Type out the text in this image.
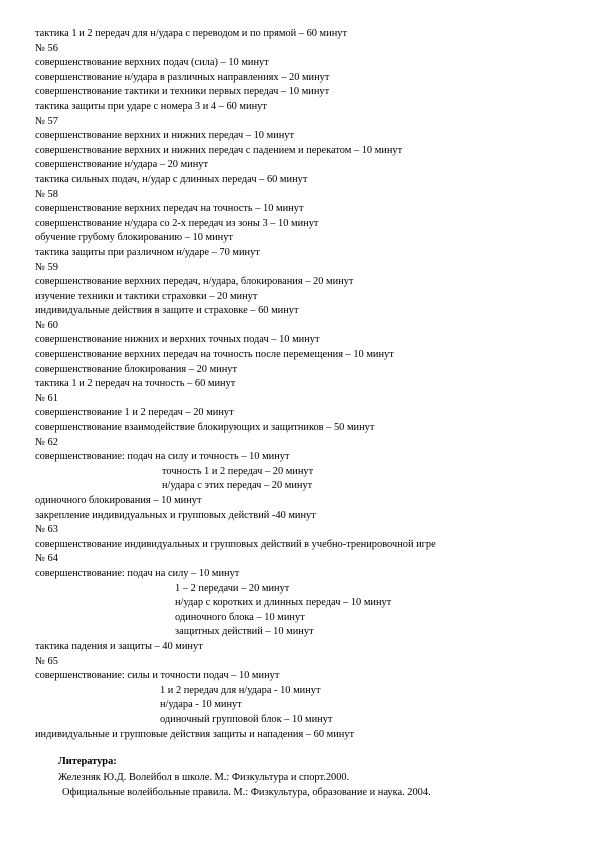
тактика 1 и 2 передач для н/удара с переводом и по прямой – 60 минут
№ 56
совершенствование верхних подач (сила) – 10 минут
совершенствование н/удара в различных направлениях – 20 минут
совершенствование тактики и техники первых передач – 10 минут
тактика защиты при ударе с номера 3 и 4 – 60 минут
№ 57
совершенствование верхних и нижних передач – 10 минут
совершенствование верхних и нижних передач с падением и перекатом – 10 минут
совершенствование н/удара – 20 минут
тактика сильных подач, н/удар с длинных передач – 60 минут
№ 58
совершенствование верхних передач на точность – 10 минут
совершенствование н/удара со 2-х передач из зоны 3 – 10 минут
обучение грубому блокированию – 10 минут
тактика защиты при различном н/ударе – 70 минут
№ 59
совершенствование верхних передач, н/удара, блокирования – 20 минут
изучение техники и тактики страховки – 20 минут
индивидуальные действия в защите и страховке – 60 минут
№ 60
совершенствование нижних и верхних точных подач – 10 минут
совершенствование верхних передач на точность после перемещения – 10 минут
совершенствование блокирования – 20 минут
тактика 1 и 2 передач на точность – 60 минут
№ 61
совершенствование 1 и 2 передач – 20 минут
совершенствование взаимодействие блокирующих и защитников – 50 минут
№ 62
совершенствование: подач на силу и точность – 10 минут
точность 1 и 2 передач – 20 минут
н/удара с этих передач – 20 минут
одиночного блокирования – 10 минут
закрепление индивидуальных и групповых действий -40 минут
№ 63
совершенствование индивидуальных и групповых действий в учебно-тренировочной игре
№ 64
совершенствование: подач на силу – 10 минут
1 – 2 передачи – 20 минут
н/удар с коротких и длинных передач – 10 минут
одиночного блока – 10 минут
защитных действий – 10 минут
тактика падения и защиты – 40 минут
№ 65
совершенствование: силы и точности подач – 10 минут
1 и 2 передач для н/удара - 10 минут
н/удара - 10 минут
одиночный групповой блок – 10 минут
индивидуальные и групповые действия защиты и нападения – 60 минут
Литература:
Железняк Ю.Д. Волейбол в школе. М.: Физкультура и спорт.2000.
Официальные волейбольные правила. М.: Физкультура, образование и наука. 2004.
